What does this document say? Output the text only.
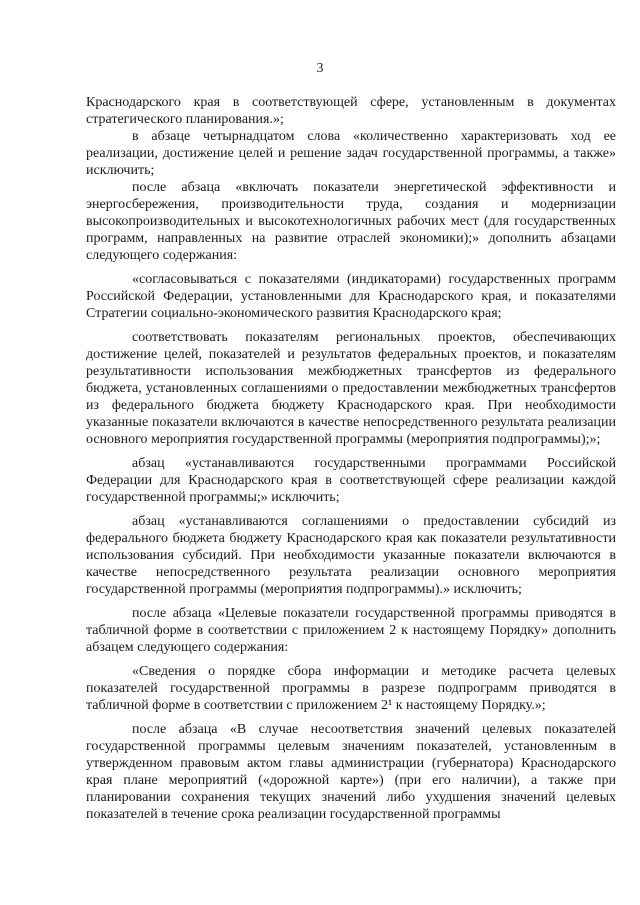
3

Краснодарского края в соответствующей сфере, установленным в документах стратегического планирования.»;

в абзаце четырнадцатом слова «количественно характеризовать ход ее реализации, достижение целей и решение задач государственной программы, а также» исключить;

после абзаца «включать показатели энергетической эффективности и энергосбережения, производительности труда, создания и модернизации высокопроизводительных и высокотехнологичных рабочих мест (для государственных программ, направленных на развитие отраслей экономики);» дополнить абзацами следующего содержания:

«согласовываться с показателями (индикаторами) государственных программ Российской Федерации, установленными для Краснодарского края, и показателями Стратегии социально-экономического развития Краснодарского края;

соответствовать показателям региональных проектов, обеспечивающих достижение целей, показателей и результатов федеральных проектов, и показателям результативности использования межбюджетных трансфертов из федерального бюджета, установленных соглашениями о предоставлении межбюджетных трансфертов из федерального бюджета бюджету Краснодарского края. При необходимости указанные показатели включаются в качестве непосредственного результата реализации основного мероприятия государственной программы (мероприятия подпрограммы);»;

абзац «устанавливаются государственными программами Российской Федерации для Краснодарского края в соответствующей сфере реализации каждой государственной программы;» исключить;

абзац «устанавливаются соглашениями о предоставлении субсидий из федерального бюджета бюджету Краснодарского края как показатели результативности использования субсидий. При необходимости указанные показатели включаются в качестве непосредственного результата реализации основного мероприятия государственной программы (мероприятия подпрограммы).» исключить;

после абзаца «Целевые показатели государственной программы приводятся в табличной форме в соответствии с приложением 2 к настоящему Порядку» дополнить абзацем следующего содержания:

«Сведения о порядке сбора информации и методике расчета целевых показателей государственной программы в разрезе подпрограмм приводятся в табличной форме в соответствии с приложением 2¹ к настоящему Порядку.»;

после абзаца «В случае несоответствия значений целевых показателей государственной программы целевым значениям показателей, установленным в утвержденном правовым актом главы администрации (губернатора) Краснодарского края плане мероприятий («дорожной карте») (при его наличии), а также при планировании сохранения текущих значений либо ухудшения значений целевых показателей в течение срока реализации государственной программы
